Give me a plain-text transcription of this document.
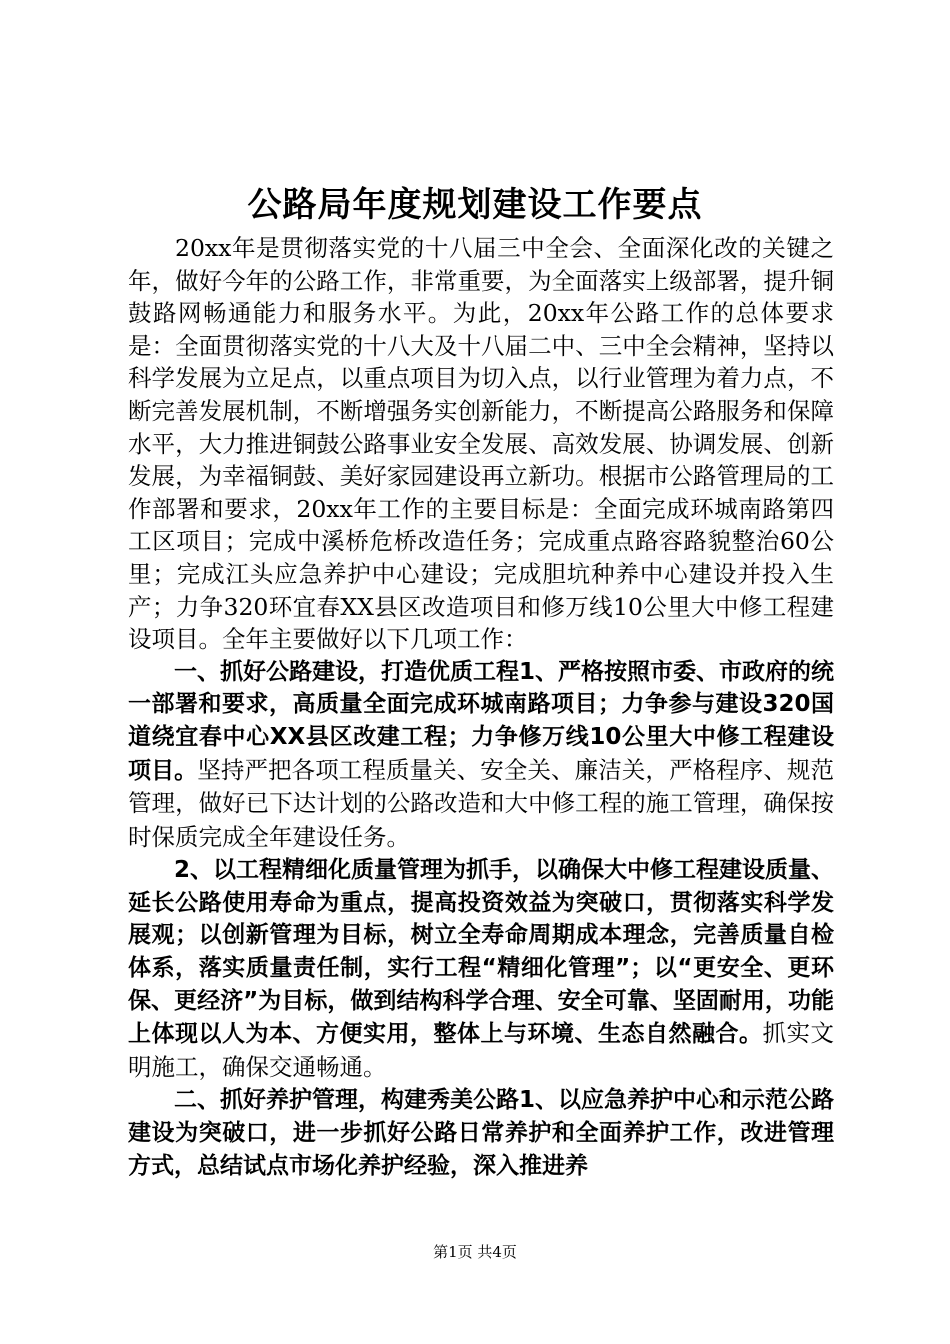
公路局年度规划建设工作要点

20xx年是贯彻落实党的十八届三中全会、全面深化改的关键之年，做好今年的公路工作，非常重要，为全面落实上级部署，提升铜鼓路网畅通能力和服务水平。为此，20xx年公路工作的总体要求是：全面贯彻落实党的十八大及十八届二中、三中全会精神，坚持以科学发展为立足点，以重点项目为切入点，以行业管理为着力点，不断完善发展机制，不断增强务实创新能力，不断提高公路服务和保障水平，大力推进铜鼓公路事业安全发展、高效发展、协调发展、创新发展，为幸福铜鼓、美好家园建设再立新功。根据市公路管理局的工作部署和要求，20xx年工作的主要目标是：全面完成环城南路第四工区项目；完成中溪桥危桥改造任务；完成重点路容路貌整治60公里；完成江头应急养护中心建设；完成胆坑种养中心建设并投入生产；力争320环宜春XX县区改造项目和修万线10公里大中修工程建设项目。全年主要做好以下几项工作：

一、抓好公路建设，打造优质工程1、严格按照市委、市政府的统一部署和要求，高质量全面完成环城南路项目；力争参与建设320国道绕宜春中心XX县区改建工程；力争修万线10公里大中修工程建设项目。坚持严把各项工程质量关、安全关、廉洁关，严格程序、规范管理，做好已下达计划的公路改造和大中修工程的施工管理，确保按时保质完成全年建设任务。

2、以工程精细化质量管理为抓手，以确保大中修工程建设质量、延长公路使用寿命为重点，提高投资效益为突破口，贯彻落实科学发展观；以创新管理为目标，树立全寿命周期成本理念，完善质量自检体系，落实质量责任制，实行工程“精细化管理”；以“更安全、更环保、更经济”为目标，做到结构科学合理、安全可靠、坚固耐用，功能上体现以人为本、方便实用，整体上与环境、生态自然融合。抓实文明施工，确保交通畅通。

二、抓好养护管理，构建秀美公路1、以应急养护中心和示范公路建设为突破口，进一步抓好公路日常养护和全面养护工作，改进管理方式，总结试点市场化养护经验，深入推进养

第1页 共4页
